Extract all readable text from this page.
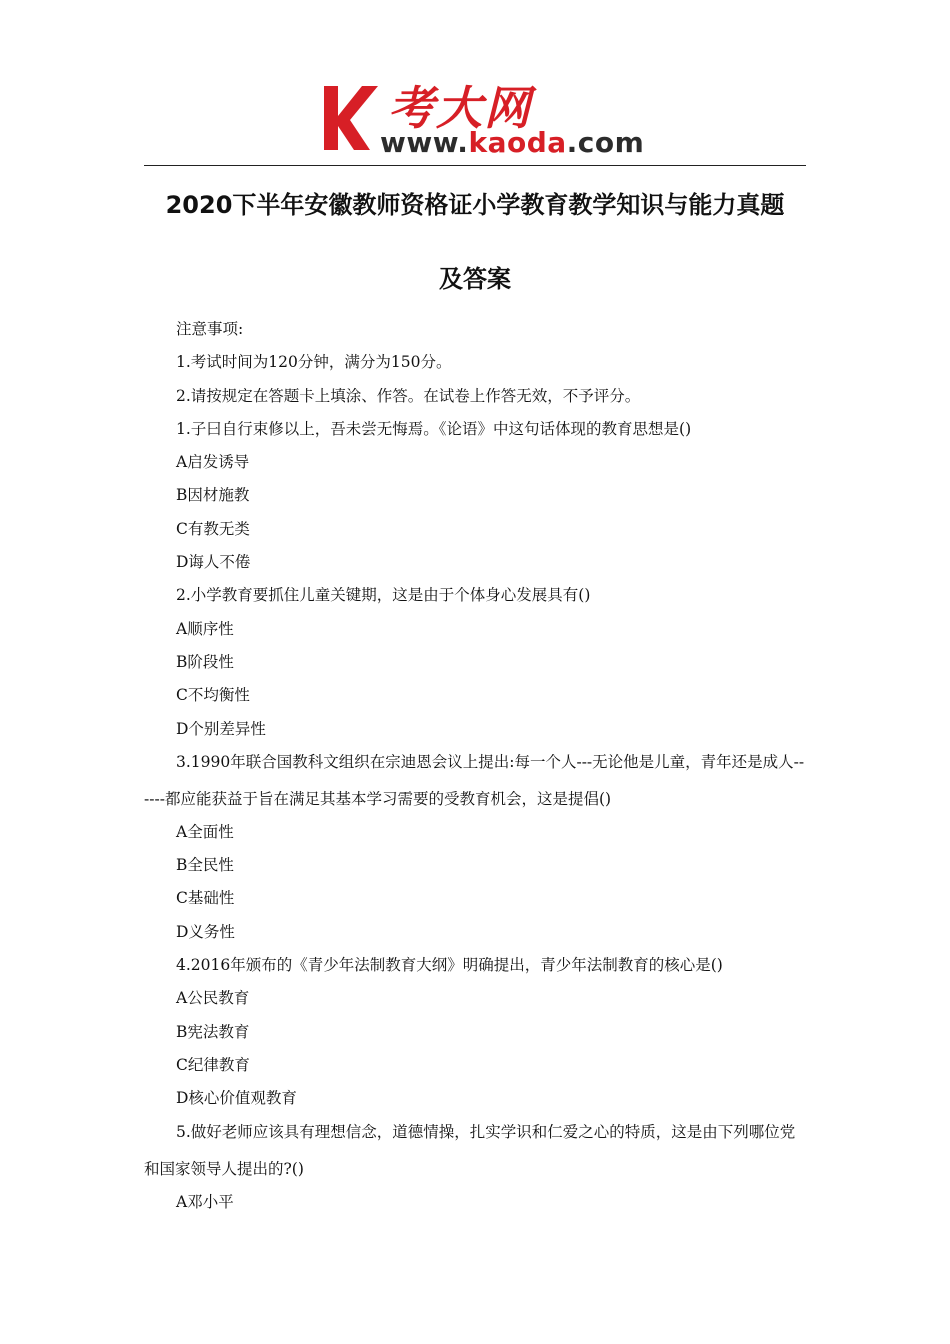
考大网
www.kaoda.com
2020下半年安徽教师资格证小学教育教学知识与能力真题
及答案

注意事项:

1.考试时间为120分钟，满分为150分。

2.请按规定在答题卡上填涂、作答。在试卷上作答无效，不予评分。

1.子曰自行束修以上，吾未尝无悔焉。《论语》中这句话体现的教育思想是()

A启发诱导

B因材施教

C有教无类

D诲人不倦

2.小学教育要抓住儿童关键期，这是由于个体身心发展具有()

A顺序性

B阶段性

C不均衡性

D个别差异性

3.1990年联合国教科文组织在宗迪恩会议上提出:每一个人---无论他是儿童，青年还是成人------都应能获益于旨在满足其基本学习需要的受教育机会，这是提倡()

A全面性

B全民性

C基础性

D义务性

4.2016年颁布的《青少年法制教育大纲》明确提出，青少年法制教育的核心是()

A公民教育

B宪法教育

C纪律教育

D核心价值观教育

5.做好老师应该具有理想信念，道德情操，扎实学识和仁爱之心的特质，这是由下列哪位党和国家领导人提出的?()

A邓小平
